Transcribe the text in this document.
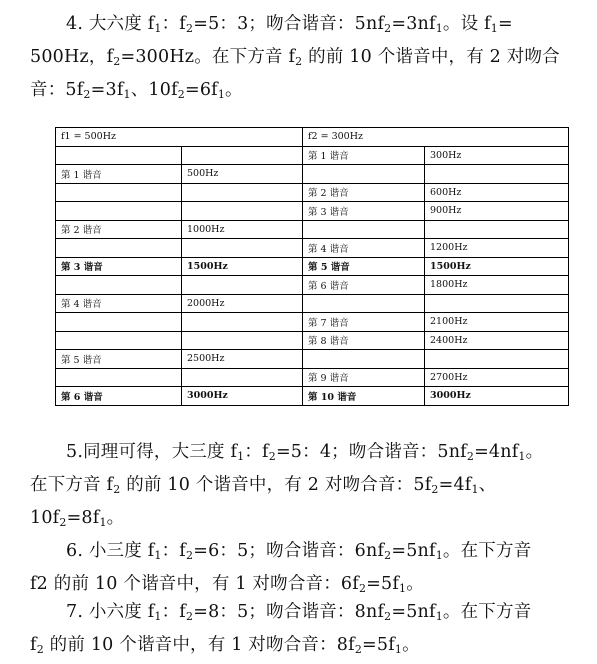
4. 大六度 $f_1$：$f_2=5$：3；吻合谐音：$5nf_2=3nf_1$。设 $f_1=$
500Hz，$f_2=300Hz$。在下方音 $f_2$ 的前 10 个谐音中，有 2 对吻合
音：$5f_2=3f_1$、$10f_2=6f_1$。
f1 = 500Hz		f2 = 300Hz	
		第 1 谐音	300Hz
第 1 谐音	500Hz		
		第 2 谐音	600Hz
		第 3 谐音	900Hz
第 2 谐音	1000Hz		
		第 4 谐音	1200Hz
第 3 谐音	1500Hz	第 5 谐音	1500Hz
		第 6 谐音	1800Hz
第 4 谐音	2000Hz		
		第 7 谐音	2100Hz
		第 8 谐音	2400Hz
第 5 谐音	2500Hz		
		第 9 谐音	2700Hz
第 6 谐音	3000Hz	第 10 谐音	3000Hz
5.同理可得，大三度 $f_1$：$f_2=5$：4；吻合谐音：$5nf_2=4nf_1$。
在下方音 $f_2$ 的前 10 个谐音中，有 2 对吻合音：$5f_2=4f_1$、
$10f_2=8f_1$。
6. 小三度 $f_1$：$f_2=6$：5；吻合谐音：$6nf_2=5nf_1$。在下方音
f2 的前 10 个谐音中，有 1 对吻合音：$6f_2=5f_1$。
7. 小六度 $f_1$：$f_2=8$：5；吻合谐音：$8nf_2=5nf_1$。在下方音
$f_2$ 的前 10 个谐音中，有 1 对吻合音：$8f_2=5f_1$。
